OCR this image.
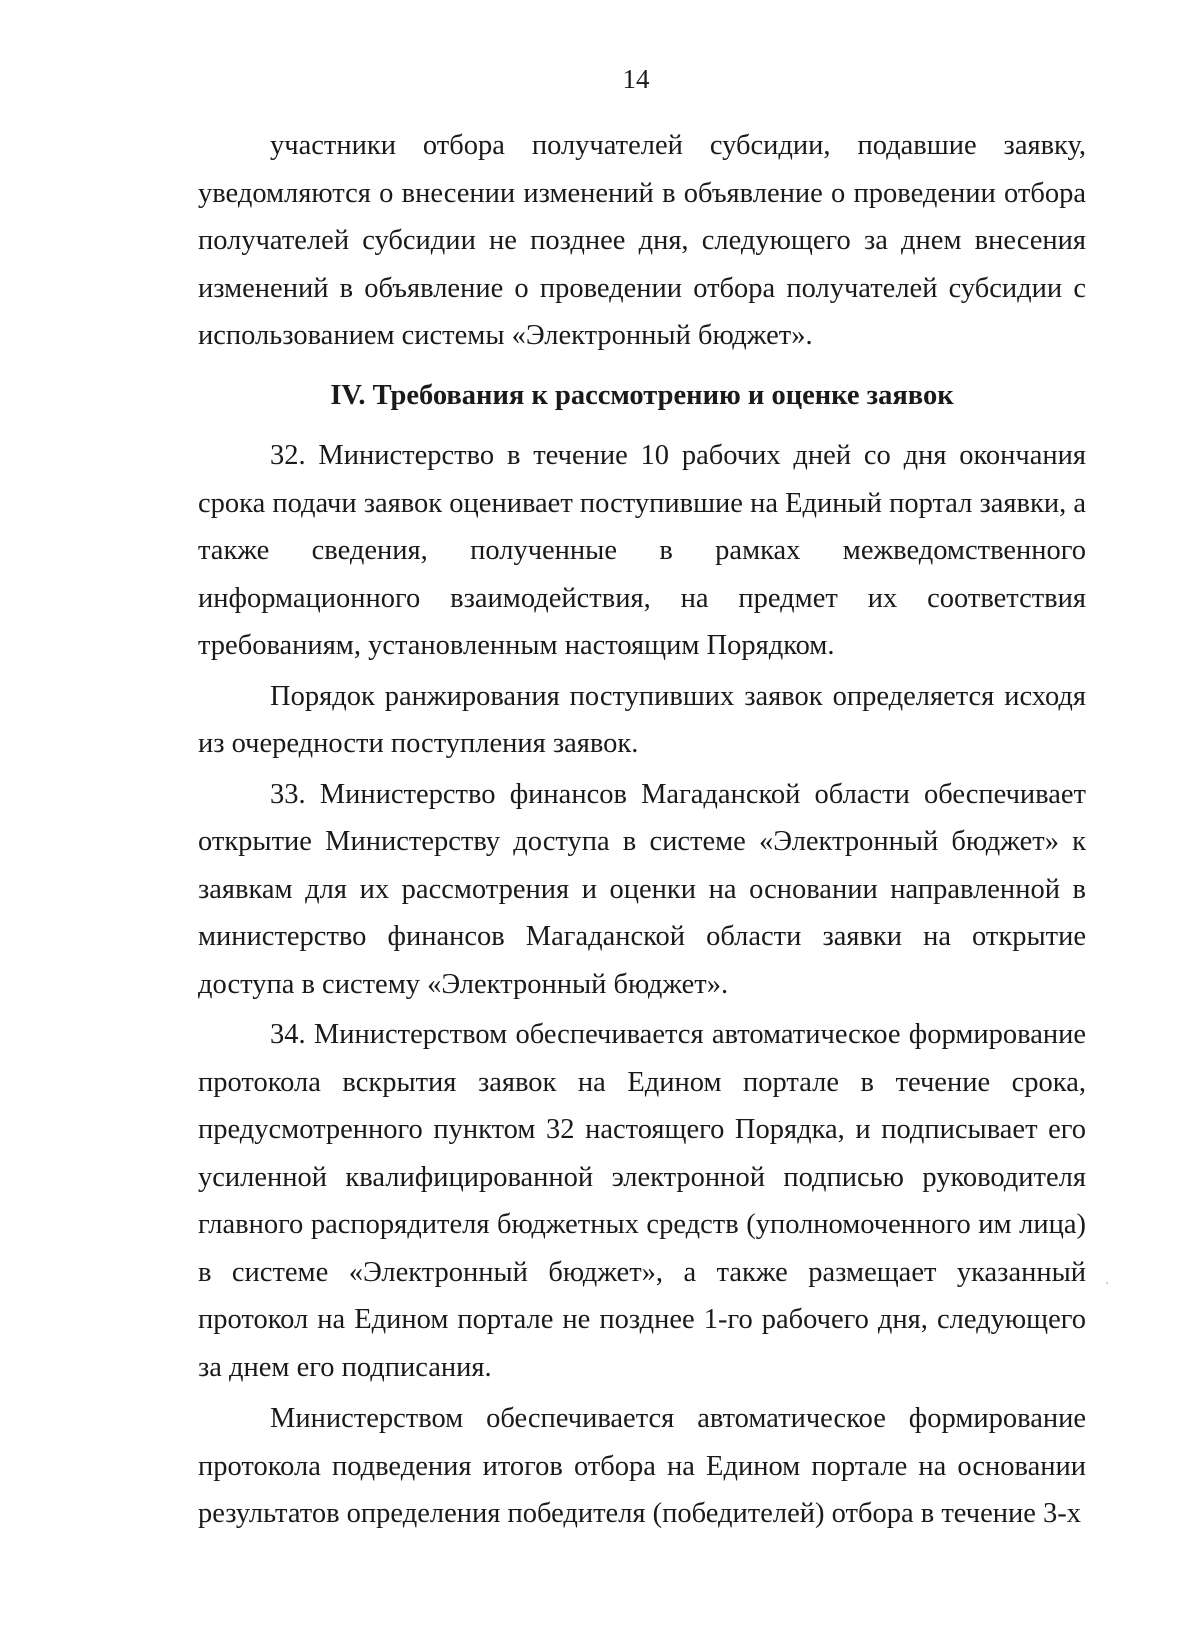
14

участники отбора получателей субсидии, подавшие заявку, уведомляются о внесении изменений в объявление о проведении отбора получателей субсидии не позднее дня, следующего за днем внесения изменений в объявление о проведении отбора получателей субсидии с использованием системы «Электронный бюджет».

IV. Требования к рассмотрению и оценке заявок

32. Министерство в течение 10 рабочих дней со дня окончания срока подачи заявок оценивает поступившие на Единый портал заявки, а также сведения, полученные в рамках межведомственного информационного взаимодействия, на предмет их соответствия требованиям, установленным настоящим Порядком.

Порядок ранжирования поступивших заявок определяется исходя из очередности поступления заявок.

33. Министерство финансов Магаданской области обеспечивает открытие Министерству доступа в системе «Электронный бюджет» к заявкам для их рассмотрения и оценки на основании направленной в министерство финансов Магаданской области заявки на открытие доступа в систему «Электронный бюджет».

34. Министерством обеспечивается автоматическое формирование протокола вскрытия заявок на Едином портале в течение срока, предусмотренного пунктом 32 настоящего Порядка, и подписывает его усиленной квалифицированной электронной подписью руководителя главного распорядителя бюджетных средств (уполномоченного им лица) в системе «Электронный бюджет», а также размещает указанный протокол на Едином портале не позднее 1-го рабочего дня, следующего за днем его подписания.

Министерством обеспечивается автоматическое формирование протокола подведения итогов отбора на Едином портале на основании результатов определения победителя (победителей) отбора в течение 3-х
